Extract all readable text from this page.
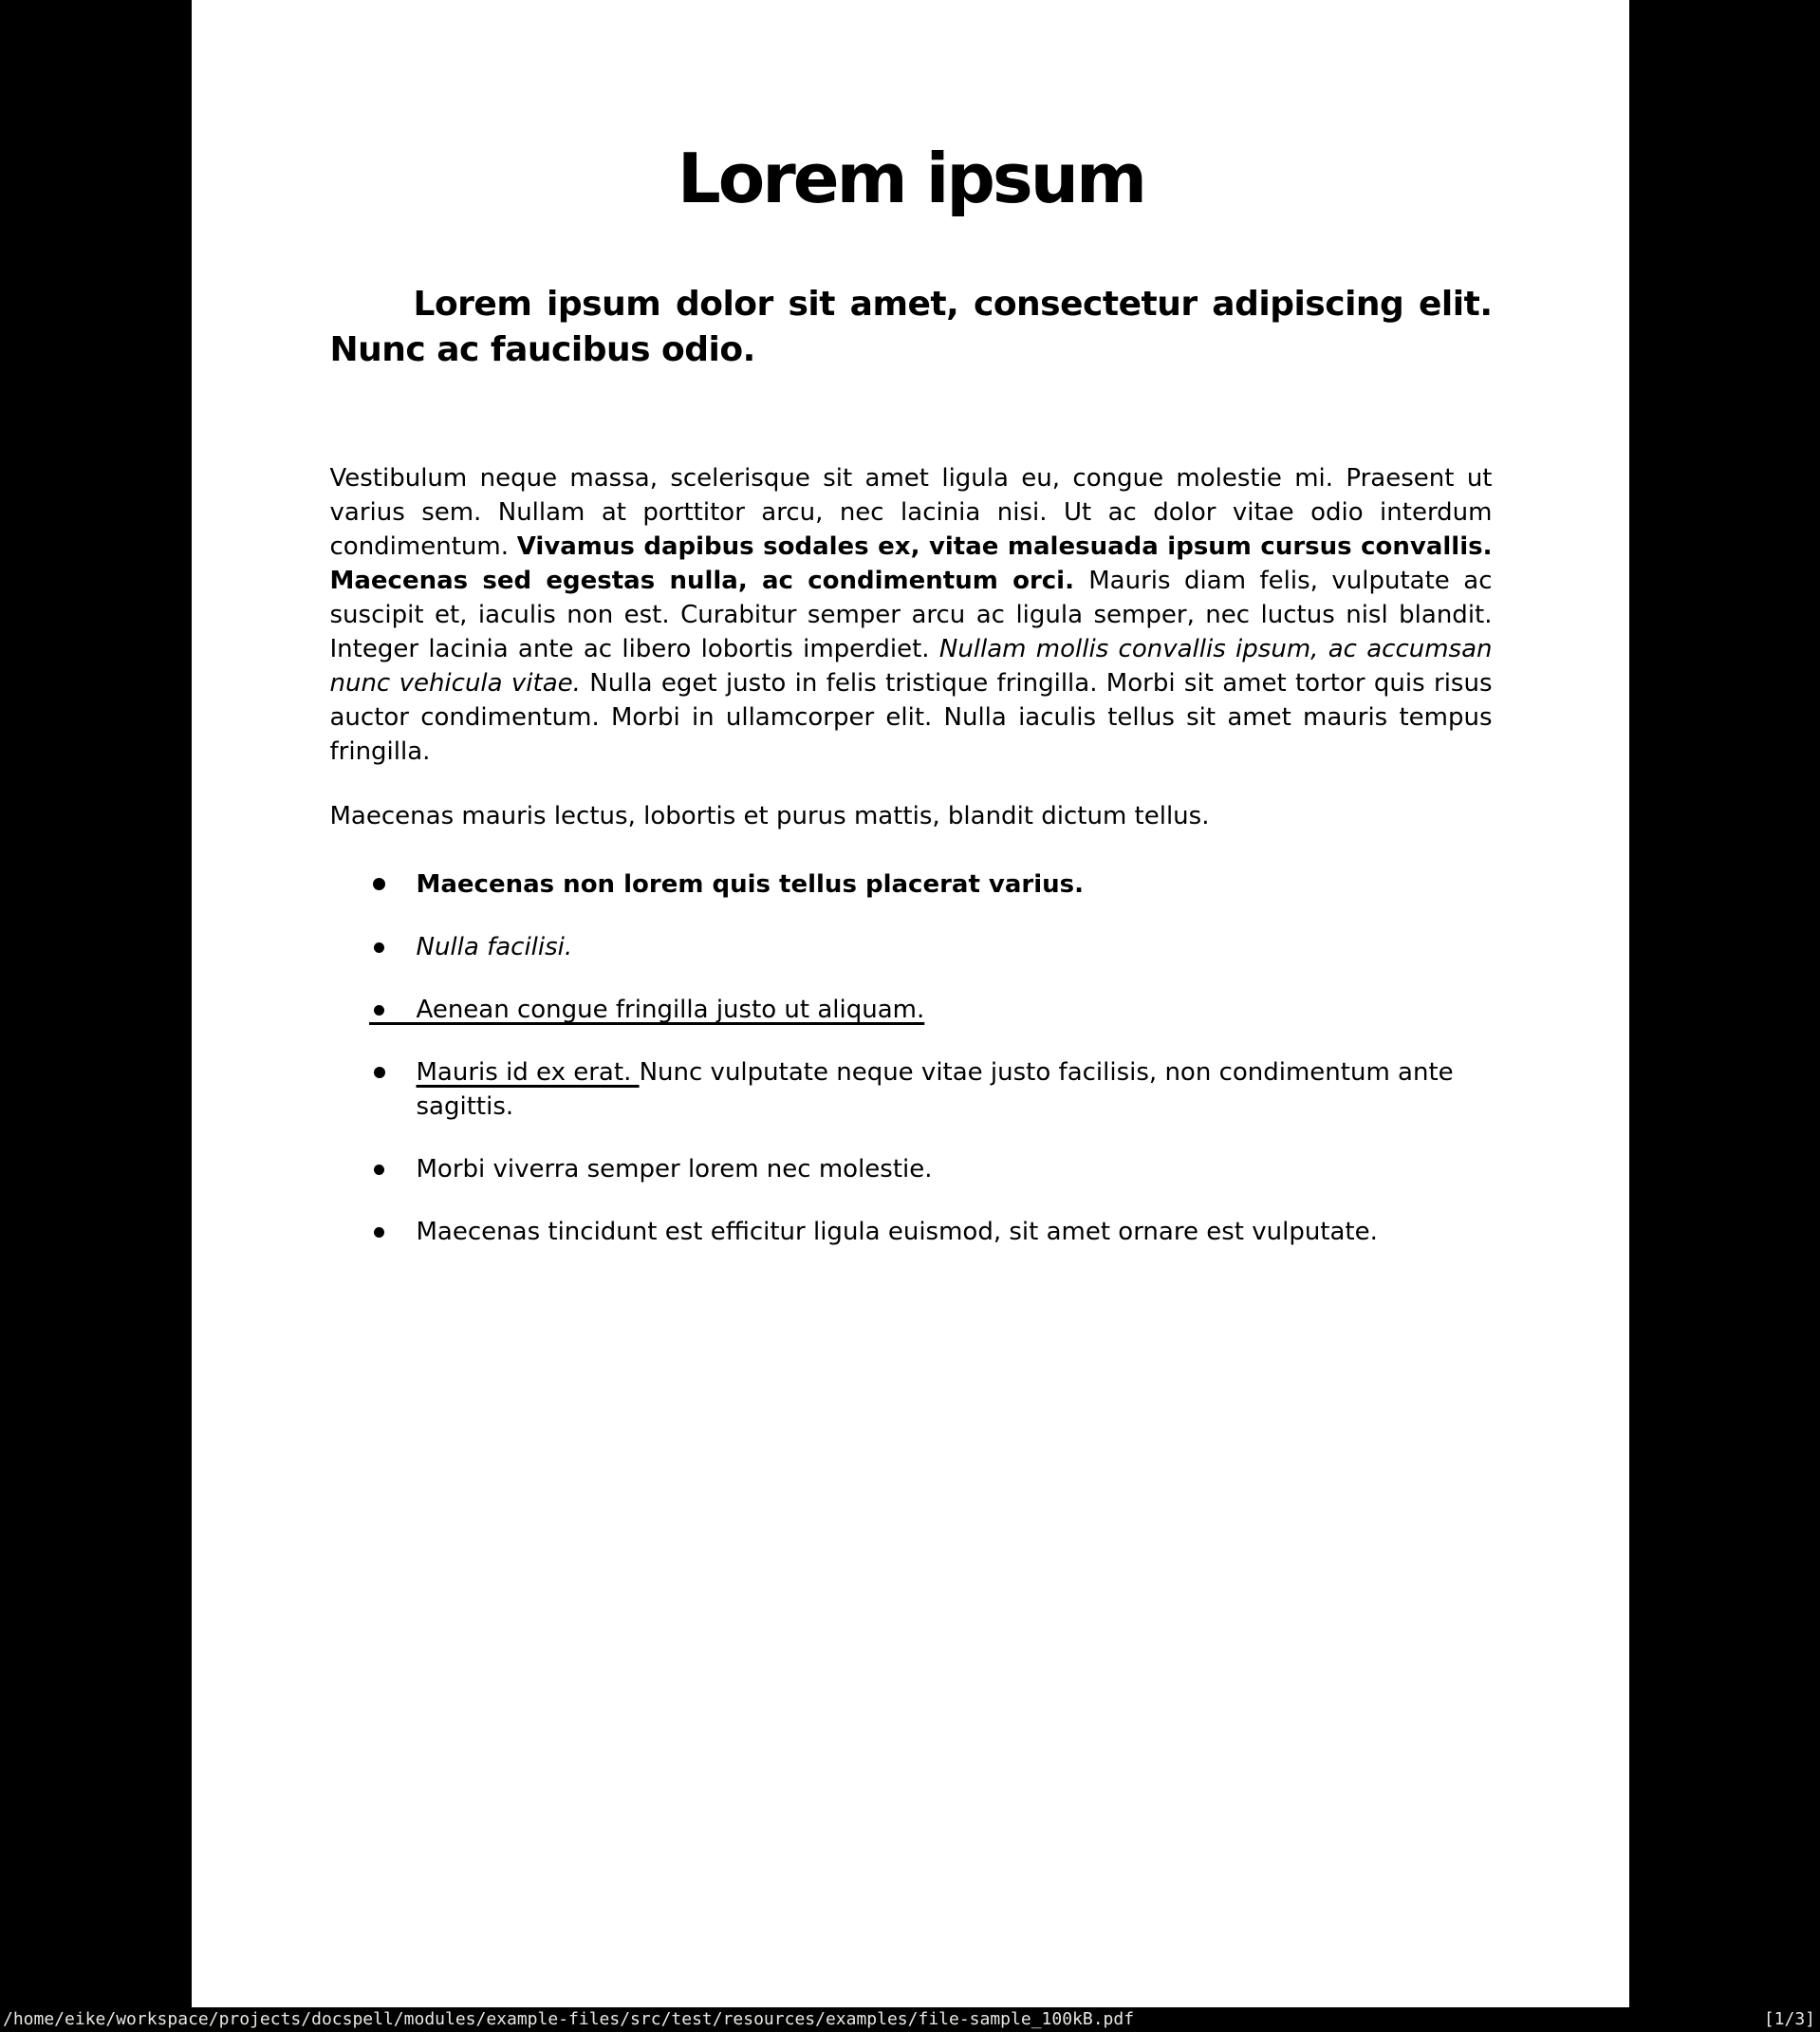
Lorem ipsum
Lorem ipsum dolor sit amet, consectetur adipiscing elit. Nunc ac faucibus odio.

Vestibulum neque massa, scelerisque sit amet ligula eu, congue molestie mi. Praesent ut varius sem. Nullam at porttitor arcu, nec lacinia nisi. Ut ac dolor vitae odio interdum condimentum. Vivamus dapibus sodales ex, vitae malesuada ipsum cursus convallis. Maecenas sed egestas nulla, ac condimentum orci. Mauris diam felis, vulputate ac suscipit et, iaculis non est. Curabitur semper arcu ac ligula semper, nec luctus nisl blandit. Integer lacinia ante ac libero lobortis imperdiet. Nullam mollis convallis ipsum, ac accumsan nunc vehicula vitae. Nulla eget justo in felis tristique fringilla. Morbi sit amet tortor quis risus auctor condimentum. Morbi in ullamcorper elit. Nulla iaculis tellus sit amet mauris tempus fringilla.

Maecenas mauris lectus, lobortis et purus mattis, blandit dictum tellus.

Maecenas non lorem quis tellus placerat varius.
Nulla facilisi.
Aenean congue fringilla justo ut aliquam.
Mauris id ex erat. Nunc vulputate neque vitae justo facilisis, non condimentum ante sagittis.
Morbi viverra semper lorem nec molestie.
Maecenas tincidunt est efficitur ligula euismod, sit amet ornare est vulputate.
/home/eike/workspace/projects/docspell/modules/example-files/src/test/resources/examples/file-sample_100kB.pdf	[1/3]
